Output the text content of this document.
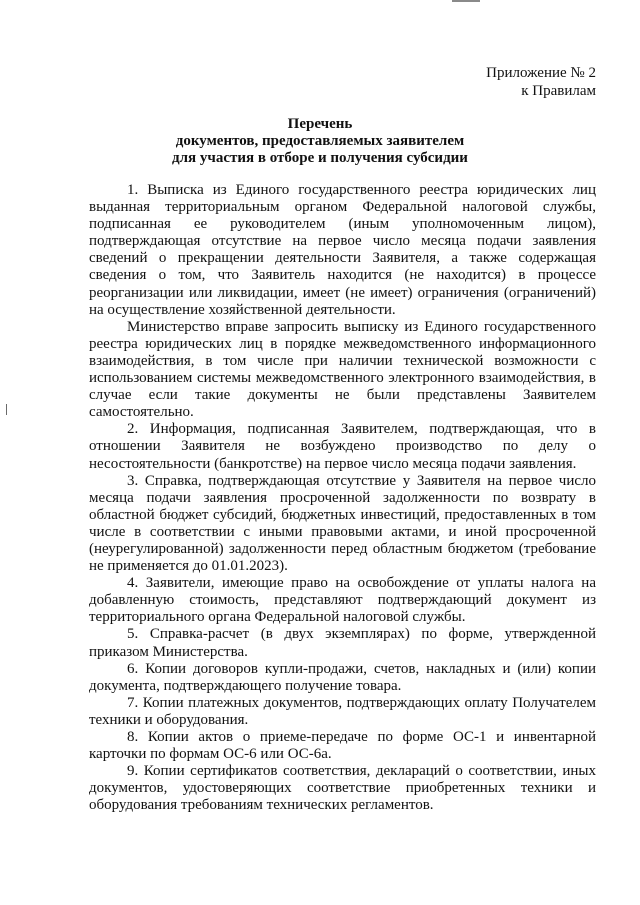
Приложение № 2
к Правилам
Перечень
документов, предоставляемых заявителем
для участия в отборе и получения субсидии

1. Выписка из Единого государственного реестра юридических лиц выданная территориальным органом Федеральной налоговой службы, подписанная ее руководителем (иным уполномоченным лицом), подтверждающая отсутствие на первое число месяца подачи заявления сведений о прекращении деятельности Заявителя, а также содержащая сведения о том, что Заявитель находится (не находится) в процессе реорганизации или ликвидации, имеет (не имеет) ограничения (ограничений) на осуществление хозяйственной деятельности.

Министерство вправе запросить выписку из Единого государственного реестра юридических лиц в порядке межведомственного информационного взаимодействия, в том числе при наличии технической возможности с использованием системы межведомственного электронного взаимодействия, в случае если такие документы не были представлены Заявителем самостоятельно.

2. Информация, подписанная Заявителем, подтверждающая, что в отношении Заявителя не возбуждено производство по делу о несостоятельности (банкротстве) на первое число месяца подачи заявления.

3. Справка, подтверждающая отсутствие у Заявителя на первое число месяца подачи заявления просроченной задолженности по возврату в областной бюджет субсидий, бюджетных инвестиций, предоставленных в том числе в соответствии с иными правовыми актами, и иной просроченной (неурегулированной) задолженности перед областным бюджетом (требование не применяется до 01.01.2023).

4. Заявители, имеющие право на освобождение от уплаты налога на добавленную стоимость, представляют подтверждающий документ из территориального органа Федеральной налоговой службы.

5. Справка-расчет (в двух экземплярах) по форме, утвержденной приказом Министерства.

6. Копии договоров купли-продажи, счетов, накладных и (или) копии документа, подтверждающего получение товара.

7. Копии платежных документов, подтверждающих оплату Получателем техники и оборудования.

8. Копии актов о приеме-передаче по форме ОС-1 и инвентарной карточки по формам ОС-6 или ОС-6а.

9. Копии сертификатов соответствия, деклараций о соответствии, иных документов, удостоверяющих соответствие приобретенных техники и оборудования требованиям технических регламентов.
